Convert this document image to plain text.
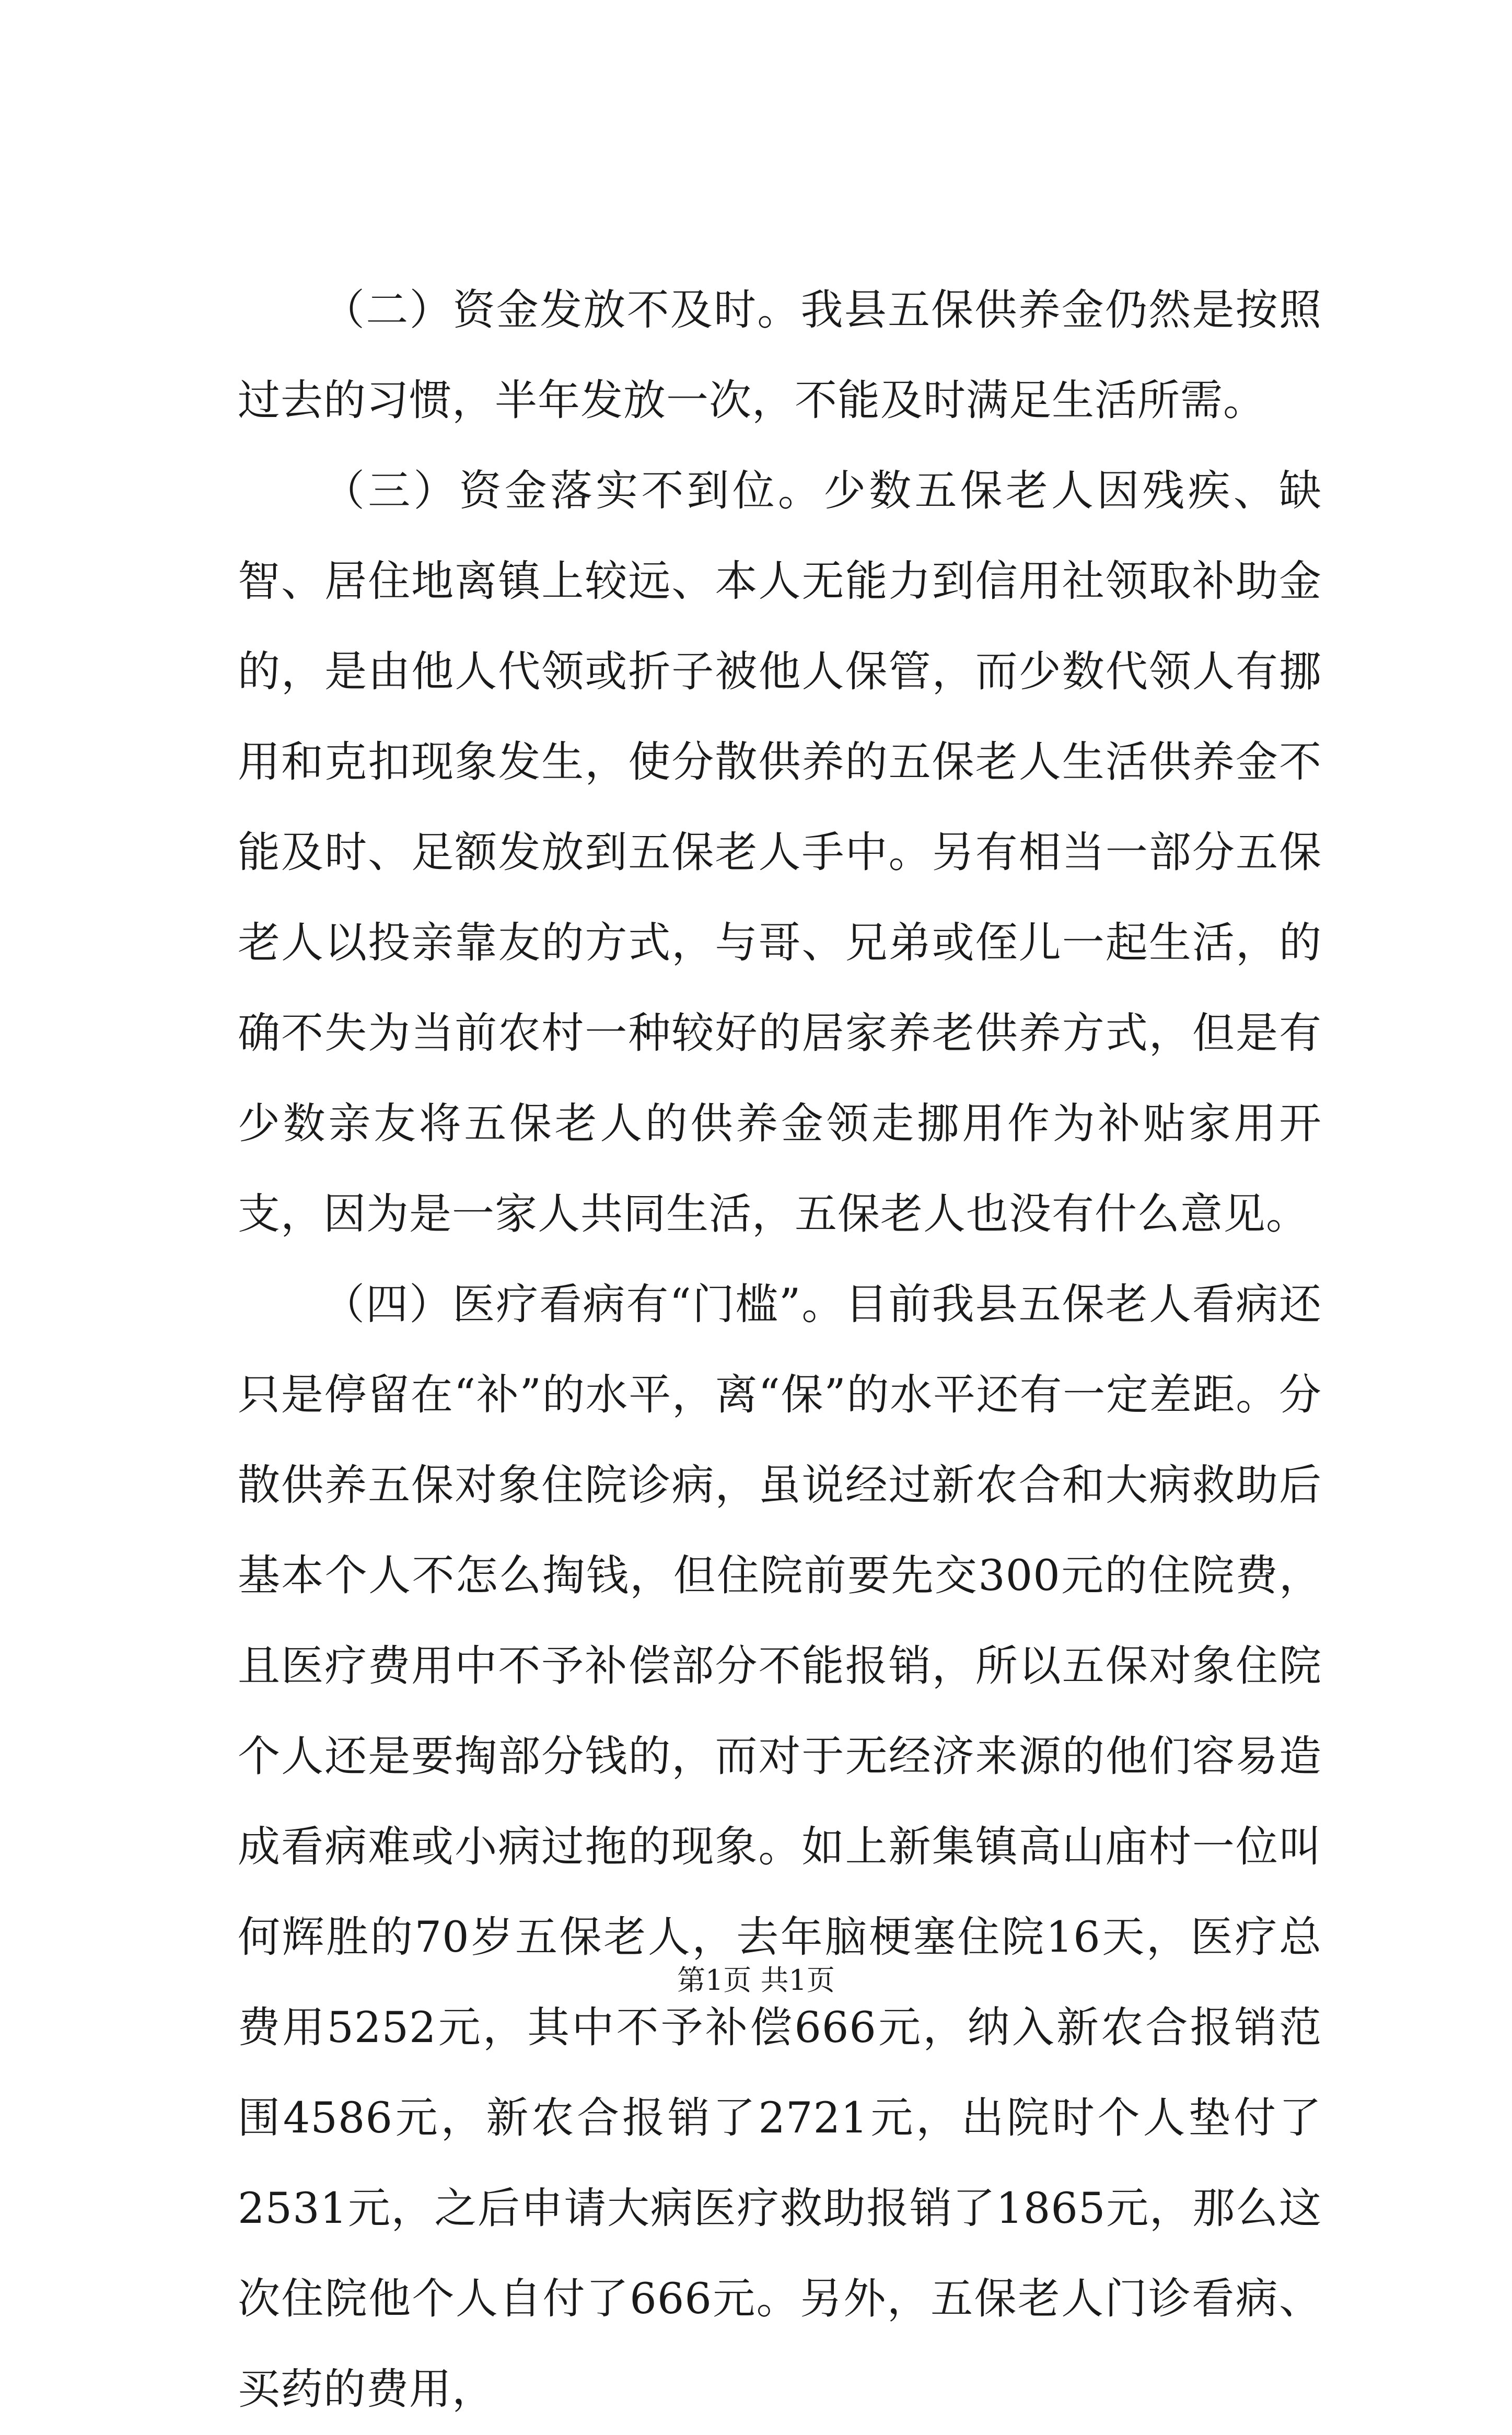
（二）资金发放不及时。我县五保供养金仍然是按照过去的习惯，半年发放一次，不能及时满足生活所需。

（三）资金落实不到位。少数五保老人因残疾、缺智、居住地离镇上较远、本人无能力到信用社领取补助金的，是由他人代领或折子被他人保管，而少数代领人有挪用和克扣现象发生，使分散供养的五保老人生活供养金不能及时、足额发放到五保老人手中。另有相当一部分五保老人以投亲靠友的方式，与哥、兄弟或侄儿一起生活，的确不失为当前农村一种较好的居家养老供养方式，但是有少数亲友将五保老人的供养金领走挪用作为补贴家用开支，因为是一家人共同生活，五保老人也没有什么意见。

（四）医疗看病有“门槛”。目前我县五保老人看病还只是停留在“补”的水平，离“保”的水平还有一定差距。分散供养五保对象住院诊病，虽说经过新农合和大病救助后基本个人不怎么掏钱，但住院前要先交300元的住院费，且医疗费用中不予补偿部分不能报销，所以五保对象住院个人还是要掏部分钱的，而对于无经济来源的他们容易造成看病难或小病过拖的现象。如上新集镇高山庙村一位叫何辉胜的70岁五保老人，去年脑梗塞住院16天，医疗总费用5252元，其中不予补偿666元，纳入新农合报销范围4586元，新农合报销了2721元，出院时个人垫付了2531元，之后申请大病医疗救助报销了1865元，那么这次住院他个人自付了666元。另外，五保老人门诊看病、买药的费用，

第1页 共1页
